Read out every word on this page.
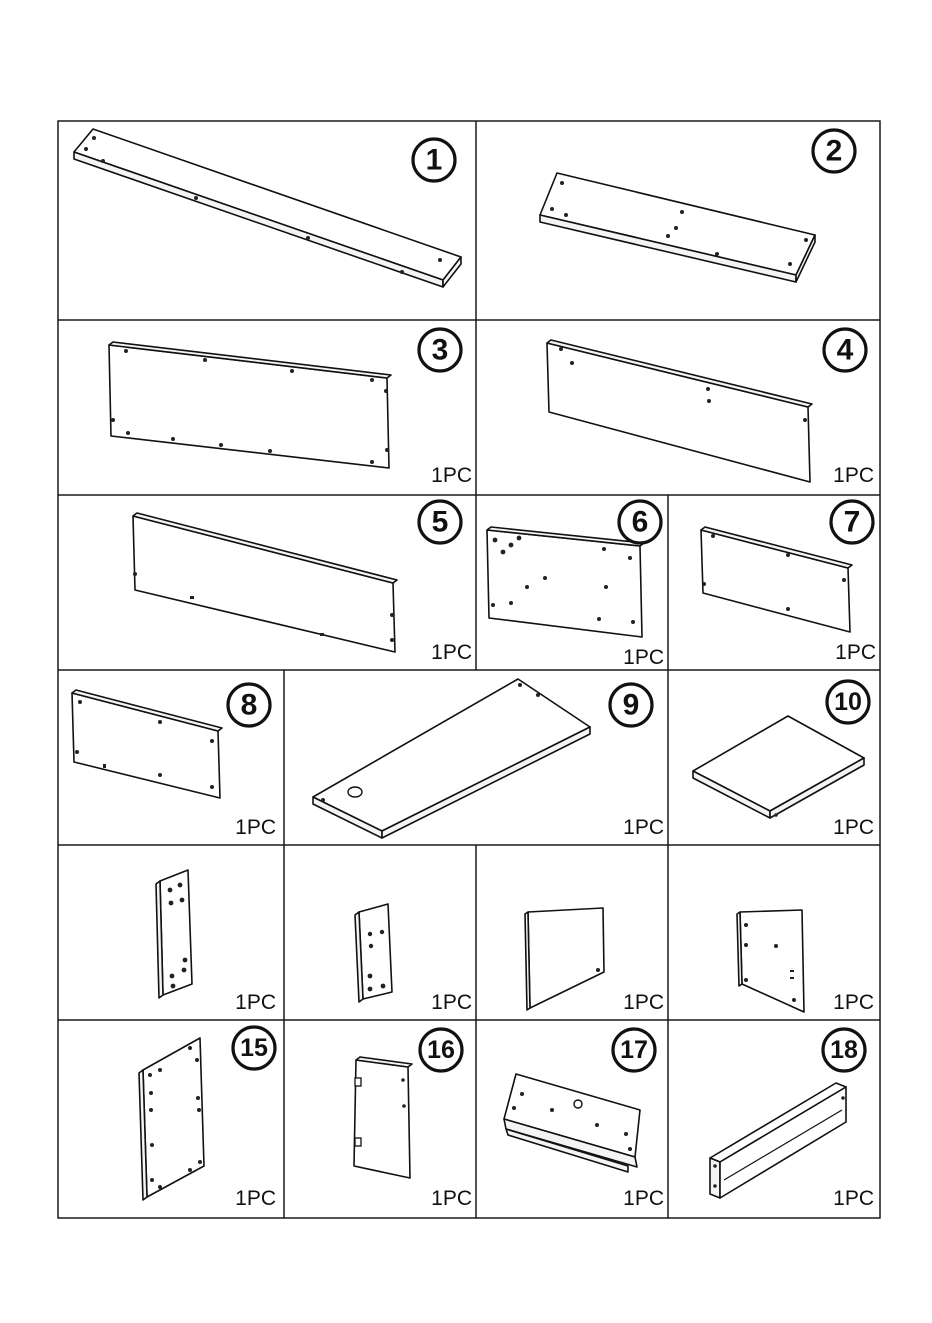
1	2
3
1PC
4
1PC
5
1PC
6
1PC
7
1PC
8
1PC
9
1PC
10
1PC
1PC	1PC	1PC	1PC
15
1PC
16
1PC
17
1PC
18
1PC
